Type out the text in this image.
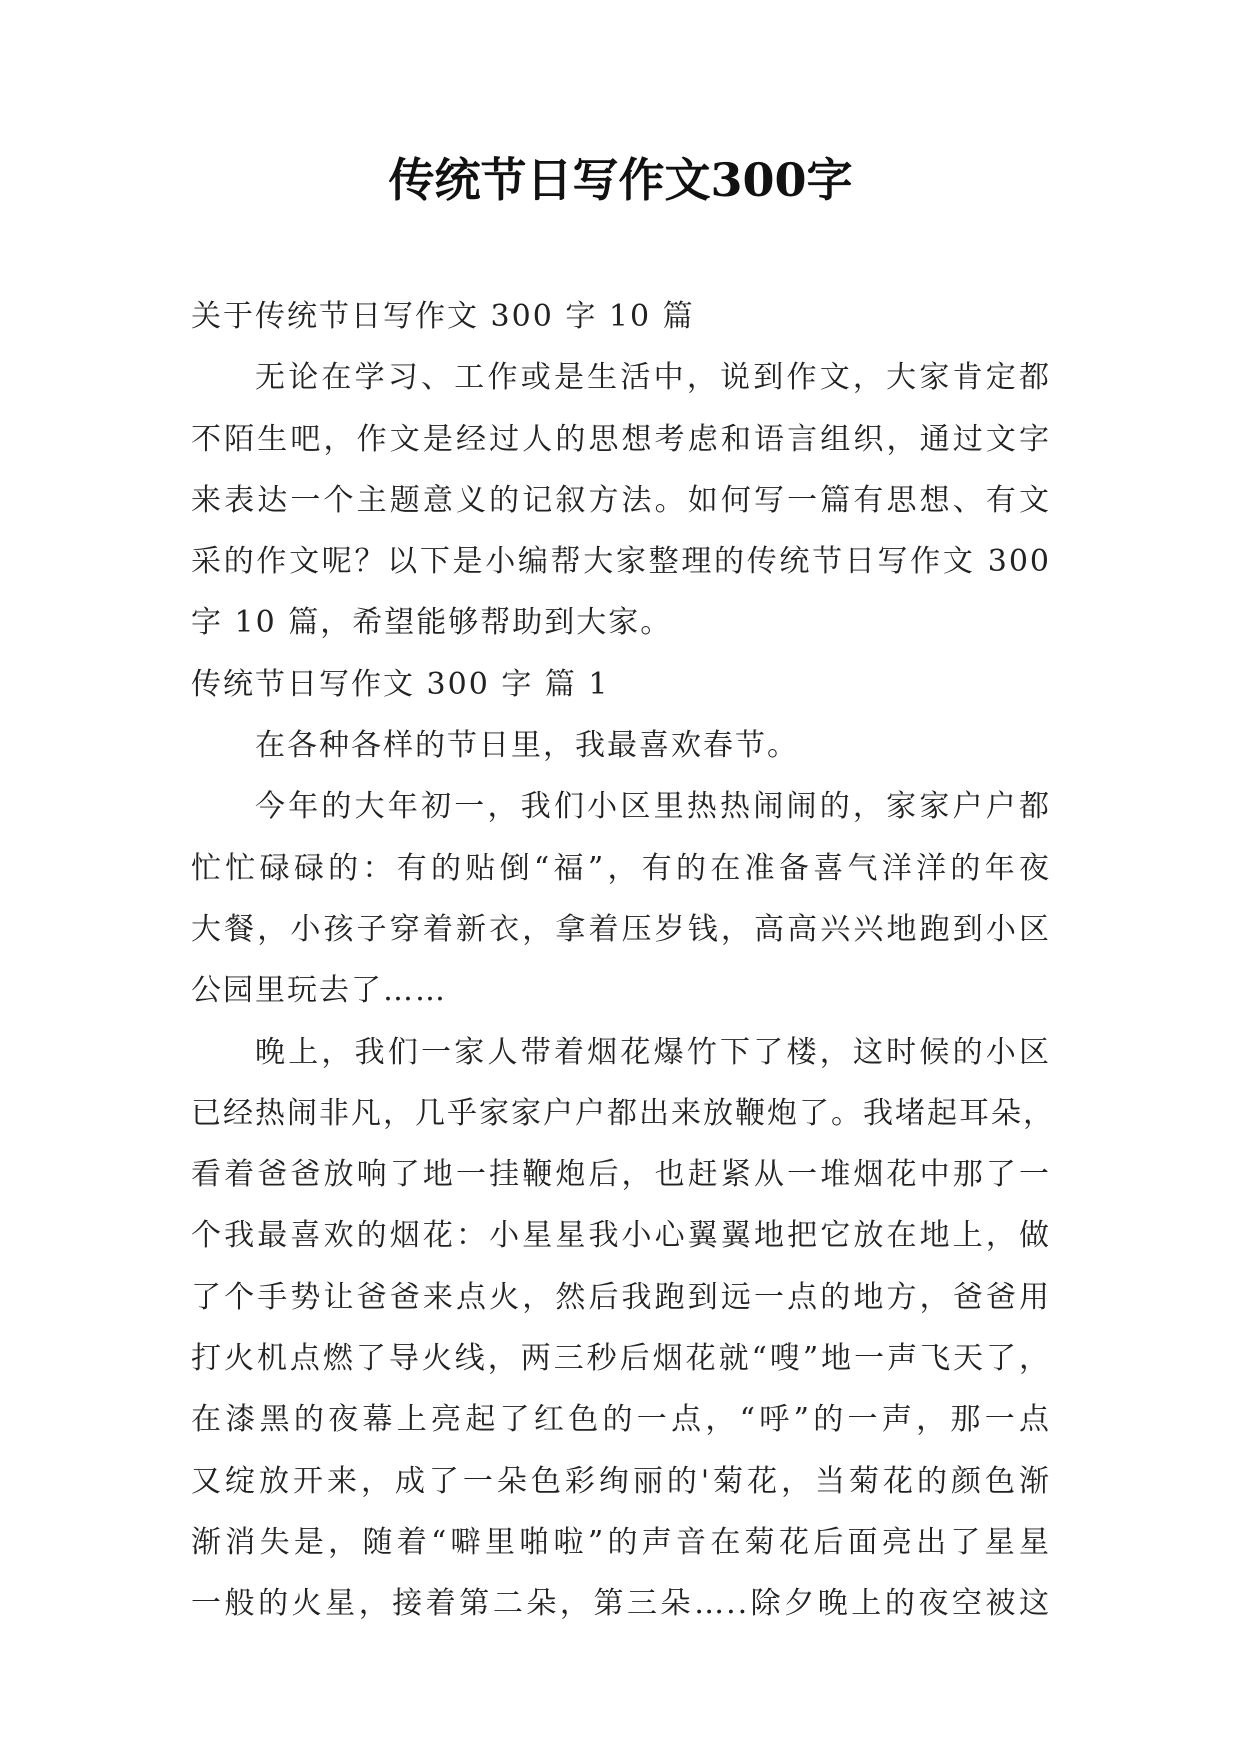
传统节日写作文300字
关于传统节日写作文 300 字 10 篇
无论在学习、工作或是生活中，说到作文，大家肯定都
不陌生吧，作文是经过人的思想考虑和语言组织，通过文字
来表达一个主题意义的记叙方法。如何写一篇有思想、有文
采的作文呢？以下是小编帮大家整理的传统节日写作文 300
字 10 篇，希望能够帮助到大家。
传统节日写作文 300 字 篇 1
在各种各样的节日里，我最喜欢春节。
今年的大年初一，我们小区里热热闹闹的，家家户户都
忙忙碌碌的：有的贴倒“福”，有的在准备喜气洋洋的年夜
大餐，小孩子穿着新衣，拿着压岁钱，高高兴兴地跑到小区
公园里玩去了……
晚上，我们一家人带着烟花爆竹下了楼，这时候的小区
已经热闹非凡，几乎家家户户都出来放鞭炮了。我堵起耳朵，
看着爸爸放响了地一挂鞭炮后，也赶紧从一堆烟花中那了一
个我最喜欢的烟花：小星星我小心翼翼地把它放在地上，做
了个手势让爸爸来点火，然后我跑到远一点的地方，爸爸用
打火机点燃了导火线，两三秒后烟花就“嗖”地一声飞天了，
在漆黑的夜幕上亮起了红色的一点，“呼”的一声，那一点
又绽放开来，成了一朵色彩绚丽的'菊花，当菊花的颜色渐
渐消失是，随着“噼里啪啦”的声音在菊花后面亮出了星星
一般的火星，接着第二朵，第三朵…..除夕晚上的夜空被这
